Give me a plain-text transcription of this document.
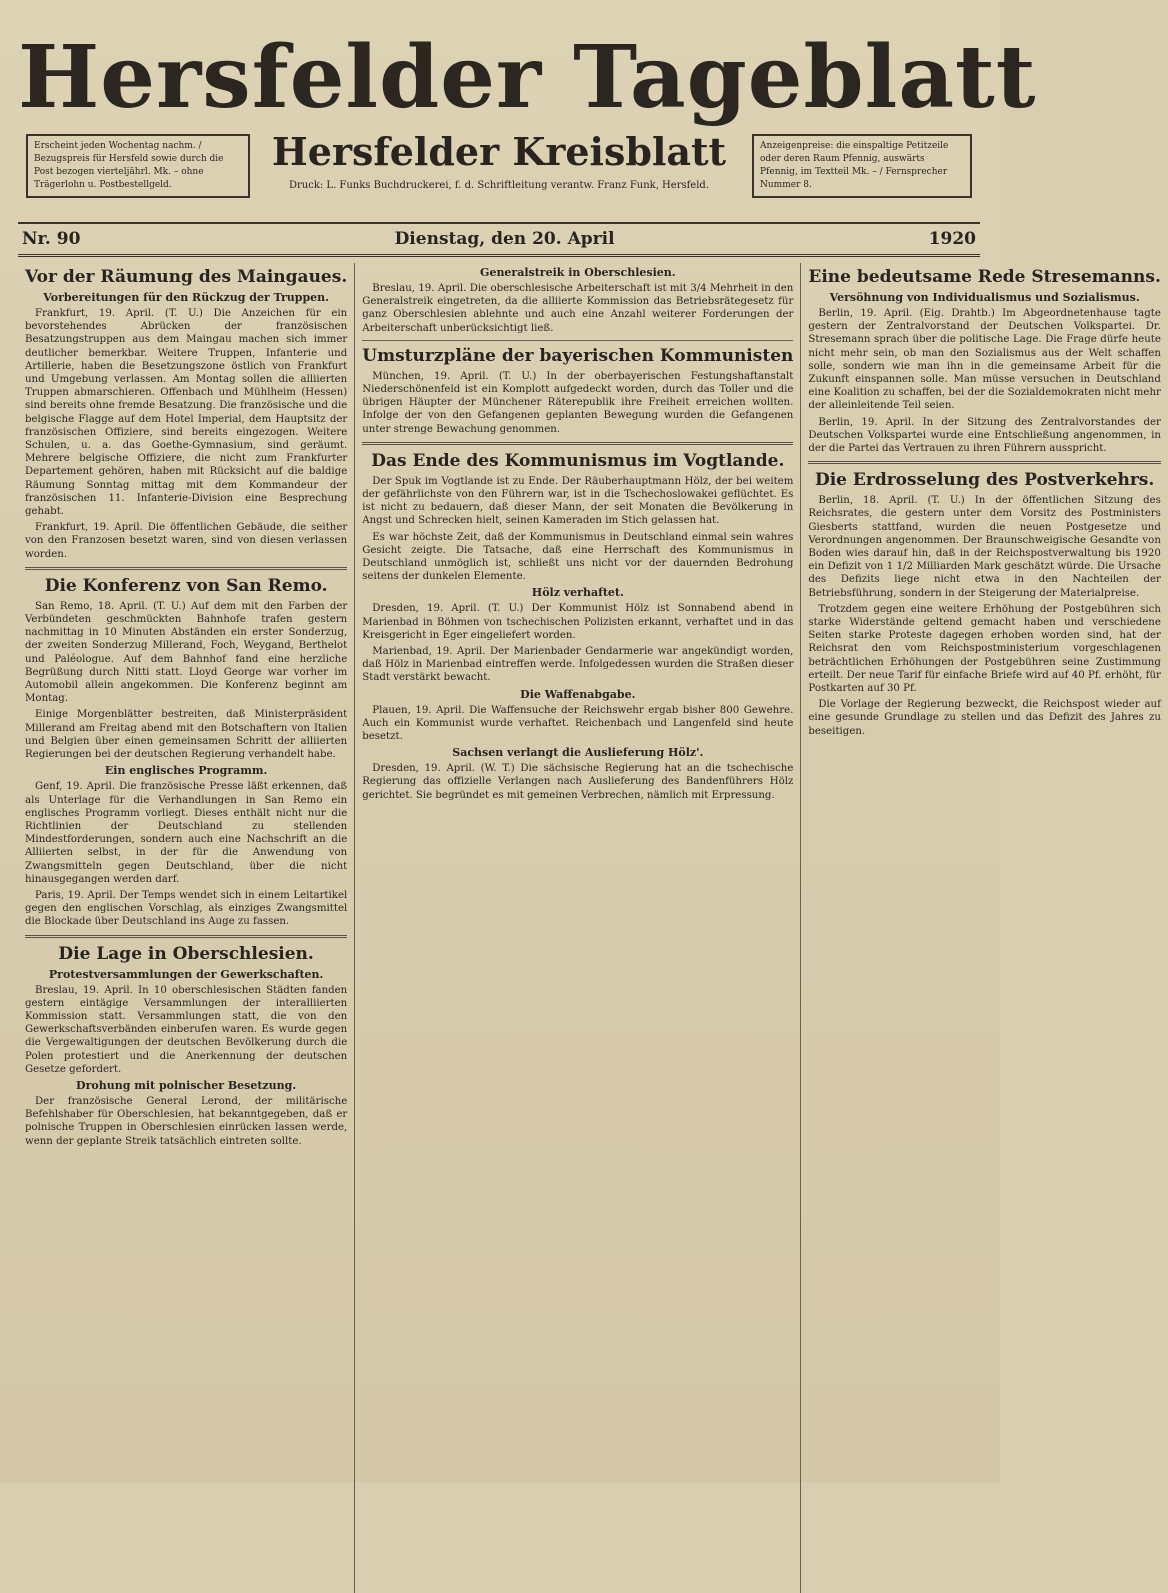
Hersfelder Tageblatt
Erscheint jeden Wochentag nachm. / Bezugspreis für Hersfeld sowie durch die Post bezogen vierteljährl. Mk. – ohne Trägerlohn u. Postbestellgeld.
Hersfelder Kreisblatt
Druck: L. Funks Buchdruckerei, f. d. Schriftleitung verantw. Franz Funk, Hersfeld.
Anzeigenpreise: die einspaltige Petitzeile oder deren Raum Pfennig, auswärts Pfennig, im Textteil Mk. – / Fernsprecher Nummer 8.
Nr. 90	Dienstag, den 20. April	1920
Vor der Räumung des Maingaues.
Vorbereitungen für den Rückzug der Truppen.

Frankfurt, 19. April. (T. U.) Die Anzeichen für ein bevorstehendes Abrücken der französischen Besatzungstruppen aus dem Maingau machen sich immer deutlicher bemerkbar. Weitere Truppen, Infanterie und Artillerie, haben die Besetzungszone östlich von Frankfurt und Umgebung verlassen. Am Montag sollen die alliierten Truppen abmarschieren. Offenbach und Mühlheim (Hessen) sind bereits ohne fremde Besatzung. Die französische und die belgische Flagge auf dem Hotel Imperial, dem Hauptsitz der französischen Offiziere, sind bereits eingezogen. Weitere Schulen, u. a. das Goethe-Gymnasium, sind geräumt. Mehrere belgische Offiziere, die nicht zum Frankfurter Departement gehören, haben mit Rücksicht auf die baldige Räumung Sonntag mittag mit dem Kommandeur der französischen 11. Infanterie-Division eine Besprechung gehabt.

Frankfurt, 19. April. Die öffentlichen Gebäude, die seither von den Franzosen besetzt waren, sind von diesen verlassen worden.

Die Konferenz von San Remo.

San Remo, 18. April. (T. U.) Auf dem mit den Farben der Verbündeten geschmückten Bahnhofe trafen gestern nachmittag in 10 Minuten Abständen ein erster Sonderzug, der zweiten Sonderzug Millerand, Foch, Weygand, Berthelot und Paléologue. Auf dem Bahnhof fand eine herzliche Begrüßung durch Nitti statt. Lloyd George war vorher im Automobil allein angekommen. Die Konferenz beginnt am Montag.

Einige Morgenblätter bestreiten, daß Ministerpräsident Millerand am Freitag abend mit den Botschaftern von Italien und Belgien über einen gemeinsamen Schritt der alliierten Regierungen bei der deutschen Regierung verhandelt habe.

Ein englisches Programm.

Genf, 19. April. Die französische Presse läßt erkennen, daß als Unterlage für die Verhandlungen in San Remo ein englisches Programm vorliegt. Dieses enthält nicht nur die Richtlinien der Deutschland zu stellenden Mindestforderungen, sondern auch eine Nachschrift an die Alliierten selbst, in der für die Anwendung von Zwangsmitteln gegen Deutschland, über die nicht hinausgegangen werden darf.

Paris, 19. April. Der Temps wendet sich in einem Leitartikel gegen den englischen Vorschlag, als einziges Zwangsmittel die Blockade über Deutschland ins Auge zu fassen.

Die Lage in Oberschlesien.
Protestversammlungen der Gewerkschaften.

Breslau, 19. April. In 10 oberschlesischen Städten fanden gestern eintägige Versammlungen der interalliierten Kommission statt. Versammlungen statt, die von den Gewerkschaftsverbänden einberufen waren. Es wurde gegen die Vergewaltigungen der deutschen Bevölkerung durch die Polen protestiert und die Anerkennung der deutschen Gesetze gefordert.

Drohung mit polnischer Besetzung.

Der französische General Lerond, der militärische Befehlshaber für Oberschlesien, hat bekanntgegeben, daß er polnische Truppen in Oberschlesien einrücken lassen werde, wenn der geplante Streik tatsächlich eintreten sollte.

Generalstreik in Oberschlesien.

Breslau, 19. April. Die oberschlesische Arbeiterschaft ist mit 3/4 Mehrheit in den Generalstreik eingetreten, da die alliierte Kommission das Betriebsrätegesetz für ganz Oberschlesien ablehnte und auch eine Anzahl weiterer Forderungen der Arbeiterschaft unberücksichtigt ließ.

Umsturzpläne der bayerischen Kommunisten

München, 19. April. (T. U.) In der oberbayerischen Festungshaftanstalt Niederschönenfeld ist ein Komplott aufgedeckt worden, durch das Toller und die übrigen Häupter der Münchener Räterepublik ihre Freiheit erreichen wollten. Infolge der von den Gefangenen geplanten Bewegung wurden die Gefangenen unter strenge Bewachung genommen.

Das Ende des Kommunismus im Vogtlande.

Der Spuk im Vogtlande ist zu Ende. Der Räuberhauptmann Hölz, der bei weitem der gefährlichste von den Führern war, ist in die Tschechoslowakei geflüchtet. Es ist nicht zu bedauern, daß dieser Mann, der seit Monaten die Bevölkerung in Angst und Schrecken hielt, seinen Kameraden im Stich gelassen hat.

Es war höchste Zeit, daß der Kommunismus in Deutschland einmal sein wahres Gesicht zeigte. Die Tatsache, daß eine Herrschaft des Kommunismus in Deutschland unmöglich ist, schließt uns nicht vor der dauernden Bedrohung seitens der dunkelen Elemente.

Hölz verhaftet.

Dresden, 19. April. (T. U.) Der Kommunist Hölz ist Sonnabend abend in Marienbad in Böhmen von tschechischen Polizisten erkannt, verhaftet und in das Kreisgericht in Eger eingeliefert worden.

Marienbad, 19. April. Der Marienbader Gendarmerie war angekündigt worden, daß Hölz in Marienbad eintreffen werde. Infolgedessen wurden die Straßen dieser Stadt verstärkt bewacht.

Die Waffenabgabe.

Plauen, 19. April. Die Waffensuche der Reichswehr ergab bisher 800 Gewehre. Auch ein Kommunist wurde verhaftet. Reichenbach und Langenfeld sind heute besetzt.

Sachsen verlangt die Auslieferung Hölz'.

Dresden, 19. April. (W. T.) Die sächsische Regierung hat an die tschechische Regierung das offizielle Verlangen nach Auslieferung des Bandenführers Hölz gerichtet. Sie begründet es mit gemeinen Verbrechen, nämlich mit Erpressung.

Eine bedeutsame Rede Stresemanns.
Versöhnung von Individualismus und Sozialismus.

Berlin, 19. April. (Eig. Drahtb.) Im Abgeordnetenhause tagte gestern der Zentralvorstand der Deutschen Volkspartei. Dr. Stresemann sprach über die politische Lage. Die Frage dürfe heute nicht mehr sein, ob man den Sozialismus aus der Welt schaffen solle, sondern wie man ihn in die gemeinsame Arbeit für die Zukunft einspannen solle. Man müsse versuchen in Deutschland eine Koalition zu schaffen, bei der die Sozialdemokraten nicht mehr der alleinleitende Teil seien.

Berlin, 19. April. In der Sitzung des Zentralvorstandes der Deutschen Volkspartei wurde eine Entschließung angenommen, in der die Partei das Vertrauen zu ihren Führern ausspricht.

Die Erdrosselung des Postverkehrs.

Berlin, 18. April. (T. U.) In der öffentlichen Sitzung des Reichsrates, die gestern unter dem Vorsitz des Postministers Giesberts stattfand, wurden die neuen Postgesetze und Verordnungen angenommen. Der Braunschweigische Gesandte von Boden wies darauf hin, daß in der Reichspostverwaltung bis 1920 ein Defizit von 1 1/2 Milliarden Mark geschätzt würde. Die Ursache des Defizits liege nicht etwa in den Nachteilen der Betriebsführung, sondern in der Steigerung der Materialpreise.

Trotzdem gegen eine weitere Erhöhung der Postgebühren sich starke Widerstände geltend gemacht haben und verschiedene Seiten starke Proteste dagegen erhoben worden sind, hat der Reichsrat den vom Reichspostministerium vorgeschlagenen beträchtlichen Erhöhungen der Postgebühren seine Zustimmung erteilt. Der neue Tarif für einfache Briefe wird auf 40 Pf. erhöht, für Postkarten auf 30 Pf.

Die Vorlage der Regierung bezweckt, die Reichspost wieder auf eine gesunde Grundlage zu stellen und das Defizit des Jahres zu beseitigen.
